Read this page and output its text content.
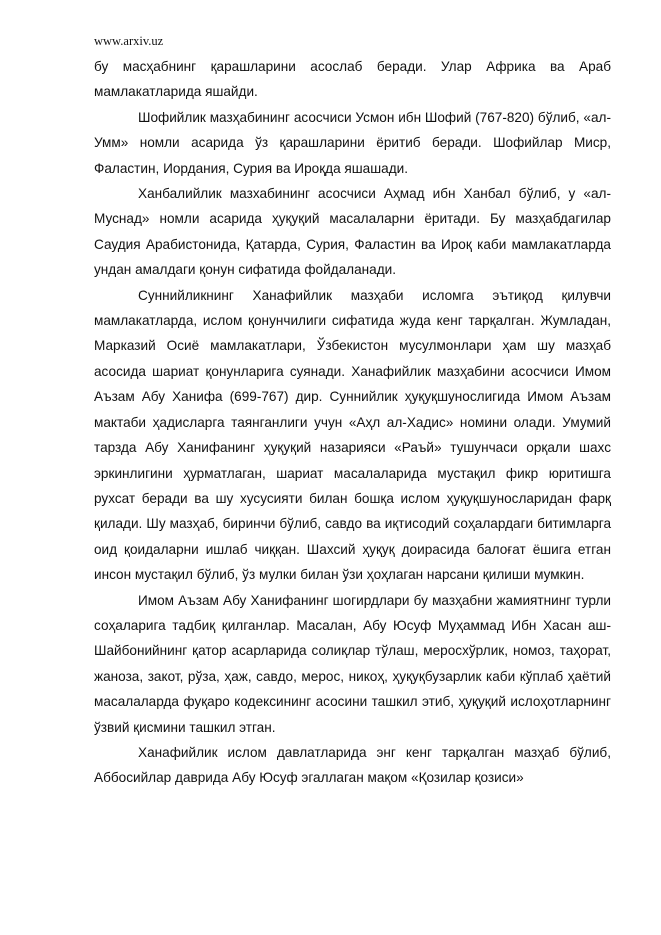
www.arxiv.uz

бу масҳабнинг қарашларини асослаб беради. Улар Африка ва Араб мамлакатларида яшайди.

Шофийлик мазҳабининг асосчиси Усмон ибн Шофий (767-820) бўлиб, «ал-Умм» номли асарида ўз қарашларини ёритиб беради. Шофийлар Миср, Фаластин, Иордания, Сурия ва Ироқда яшашади.

Ханбалийлик мазхабининг асосчиси Аҳмад ибн Ханбал бўлиб, у «ал-Муснад» номли асарида ҳуқуқий масалаларни ёритади. Бу мазҳабдагилар Саудия Арабистонида, Қатарда, Сурия, Фаластин ва Ироқ каби мамлакатларда ундан амалдаги қонун сифатида фойдаланади.

Суннийликнинг Ханафийлик мазҳаби исломга эътиқод қилувчи мамлакатларда, ислом қонунчилиги сифатида жуда кенг тарқалган. Жумладан, Марказий Осиё мамлакатлари, Ўзбекистон мусулмонлари ҳам шу мазҳаб асосида шариат қонунларига суянади. Ханафийлик мазҳабини асосчиси Имом Аъзам Абу Ханифа (699-767) дир. Суннийлик ҳуқуқшунослигида Имом Аъзам мактаби ҳадисларга таянганлиги учун «Аҳл ал-Хадис» номини олади. Умумий тарзда Абу Ханифанинг ҳуқуқий назарияси «Раъй» тушунчаси орқали шахс эркинлигини ҳурматлаган, шариат масалаларида мустақил фикр юритишга рухсат беради ва шу хусусияти билан бошқа ислом ҳуқуқшуносларидан фарқ қилади. Шу мазҳаб, биринчи бўлиб, савдо ва иқтисодий соҳалардаги битимларга оид қоидаларни ишлаб чиққан. Шахсий ҳуқуқ доирасида балоғат ёшига етган инсон мустақил бўлиб, ўз мулки билан ўзи ҳоҳлаган нарсани қилиши мумкин.

Имом Аъзам Абу Ханифанинг шогирдлари бу мазҳабни жамиятнинг турли соҳаларига тадбиқ қилганлар. Масалан, Абу Юсуф Муҳаммад Ибн Хасан аш-Шайбонийнинг қатор асарларида солиқлар тўлаш, меросхўрлик, номоз, таҳорат, жаноза, закот, рўза, ҳаж, савдо, мерос, никоҳ, ҳуқуқбузарлик каби кўплаб ҳаётий масалаларда фуқаро кодексининг асосини ташкил этиб, ҳуқуқий ислоҳотларнинг ўзвий қисмини ташкил этган.

Ханафийлик ислом давлатларида энг кенг тарқалган мазҳаб бўлиб, Аббосийлар даврида Абу Юсуф эгаллаган мақом «Қозилар қозиси»
